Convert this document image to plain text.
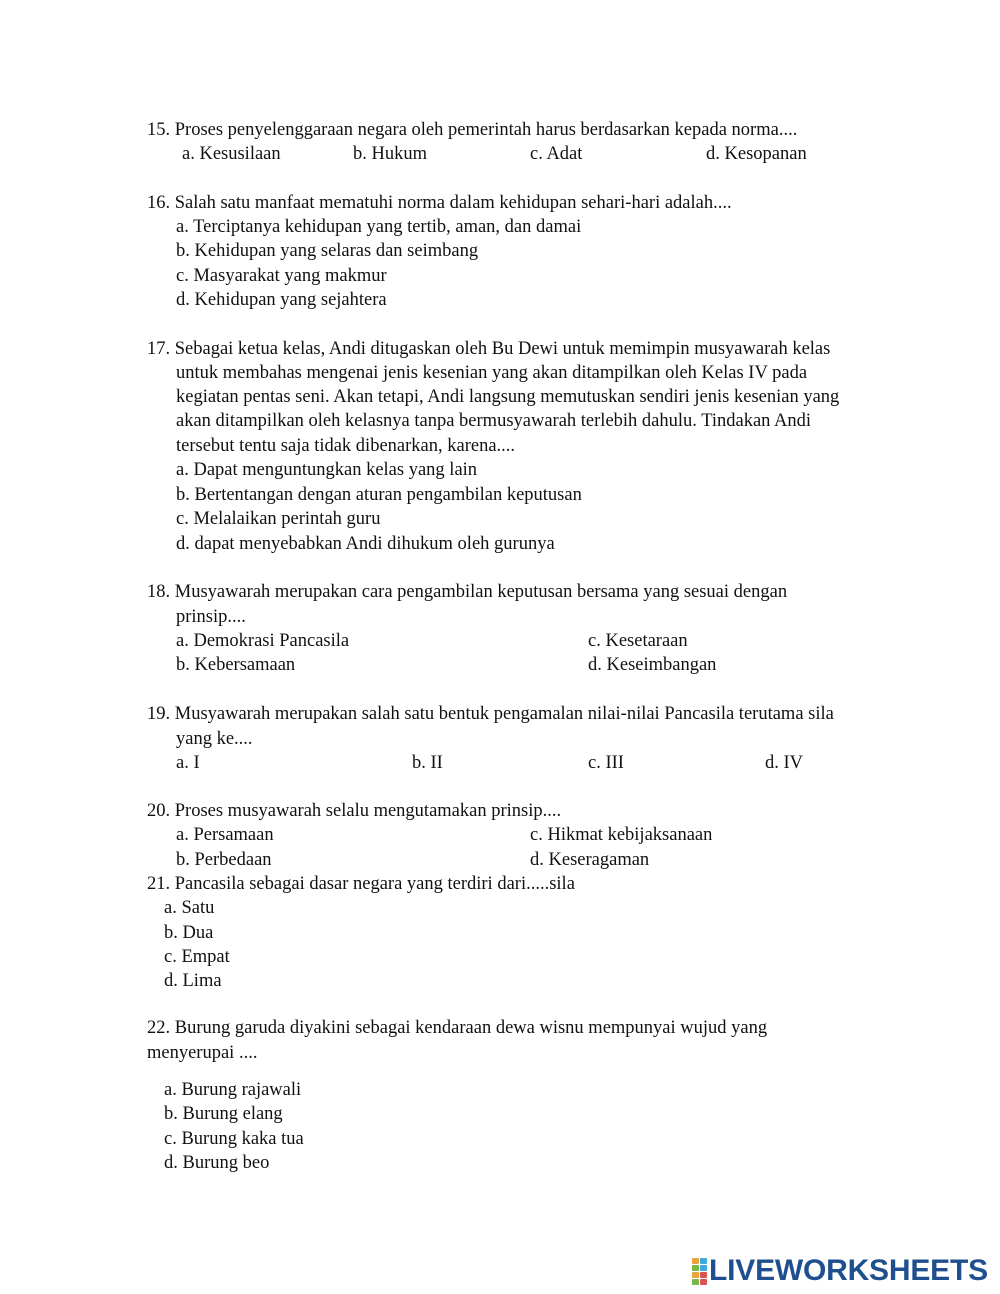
15. Proses penyelenggaraan negara oleh pemerintah harus berdasarkan kepada norma....
a. Kesusilaan	b. Hukum	c. Adat	d. Kesopanan
16. Salah satu manfaat mematuhi norma dalam kehidupan sehari-hari adalah....
a. Terciptanya kehidupan yang tertib, aman, dan damai
b. Kehidupan yang selaras dan seimbang
c. Masyarakat yang makmur
d. Kehidupan yang sejahtera
17. Sebagai ketua kelas, Andi ditugaskan oleh Bu Dewi untuk memimpin musyawarah kelas
untuk membahas mengenai jenis kesenian yang akan ditampilkan oleh Kelas IV pada
kegiatan pentas seni. Akan tetapi, Andi langsung memutuskan sendiri jenis kesenian yang
akan ditampilkan oleh kelasnya tanpa bermusyawarah terlebih dahulu. Tindakan Andi
tersebut tentu saja tidak dibenarkan, karena....
a. Dapat menguntungkan kelas yang lain
b. Bertentangan dengan aturan pengambilan keputusan
c. Melalaikan perintah guru
d. dapat menyebabkan Andi dihukum oleh gurunya
18. Musyawarah merupakan cara pengambilan keputusan bersama yang sesuai dengan
prinsip....
a. Demokrasi Pancasila
b. Kebersamaan
c. Kesetaraan
d. Keseimbangan
19. Musyawarah merupakan salah satu bentuk pengamalan nilai-nilai Pancasila terutama sila
yang ke....
a. I	b. II	c. III	d. IV
20. Proses musyawarah selalu mengutamakan prinsip....
a. Persamaan
b. Perbedaan
c. Hikmat kebijaksanaan
d. Keseragaman
21. Pancasila sebagai dasar negara yang terdiri dari.....sila
a. Satu
b. Dua
c. Empat
d. Lima
22. Burung garuda diyakini sebagai kendaraan dewa wisnu mempunyai wujud yang
menyerupai ....
a. Burung rajawali
b. Burung elang
c. Burung kaka tua
d. Burung beo
LIVEWORKSHEETS
